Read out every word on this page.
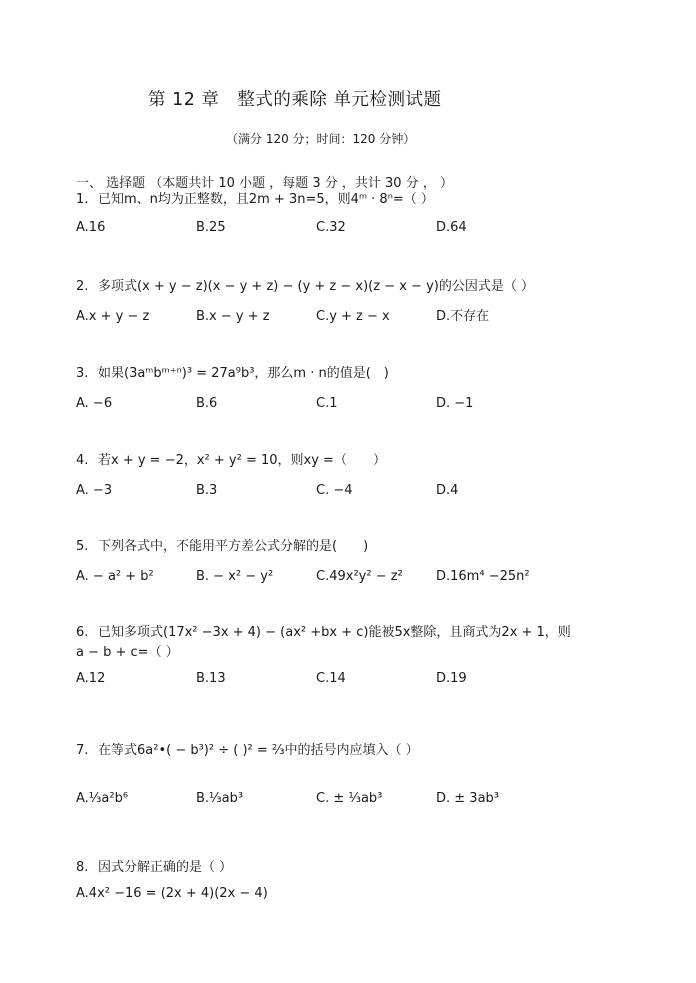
第 12 章　整式的乘除 单元检测试题
（满分 120 分；时间：120 分钟）
一、 选择题 （本题共计 10 小题 ，每题 3 分 ，共计 30 分 ， ）
1. 已知m、n均为正整数，且2m + 3n=5，则4ᵐ · 8ⁿ=（ ）
A.16	B.25	C.32	D.64
2. 多项式(x + y − z)(x − y + z) − (y + z − x)(z − x − y)的公因式是（ ）
A.x + y − z	B.x − y + z	C.y + z − x	D.不存在
3. 如果(3aᵐbᵐ⁺ⁿ)³ = 27a⁹b³，那么m · n的值是(　)
A. −6	B.6	C.1	D. −1
4. 若x + y = −2，x² + y² = 10，则xy =（　　）
A. −3	B.3	C. −4	D.4
5. 下列各式中，不能用平方差公式分解的是(　　)
A. − a² + b²	B. − x² − y²	C.49x²y² − z²	D.16m⁴ −25n²
6. 已知多项式(17x² −3x + 4) − (ax² +bx + c)能被5x整除，且商式为2x + 1，则
a − b + c=（ ）
A.12	B.13	C.14	D.19
7. 在等式6a²•( − b³)² ÷ ( )² = ⅔中的括号内应填入（ ）
A.⅓a²b⁶	B.⅓ab³	C. ± ⅓ab³	D. ± 3ab³
8. 因式分解正确的是（ ）
A.4x² −16 = (2x + 4)(2x − 4)
